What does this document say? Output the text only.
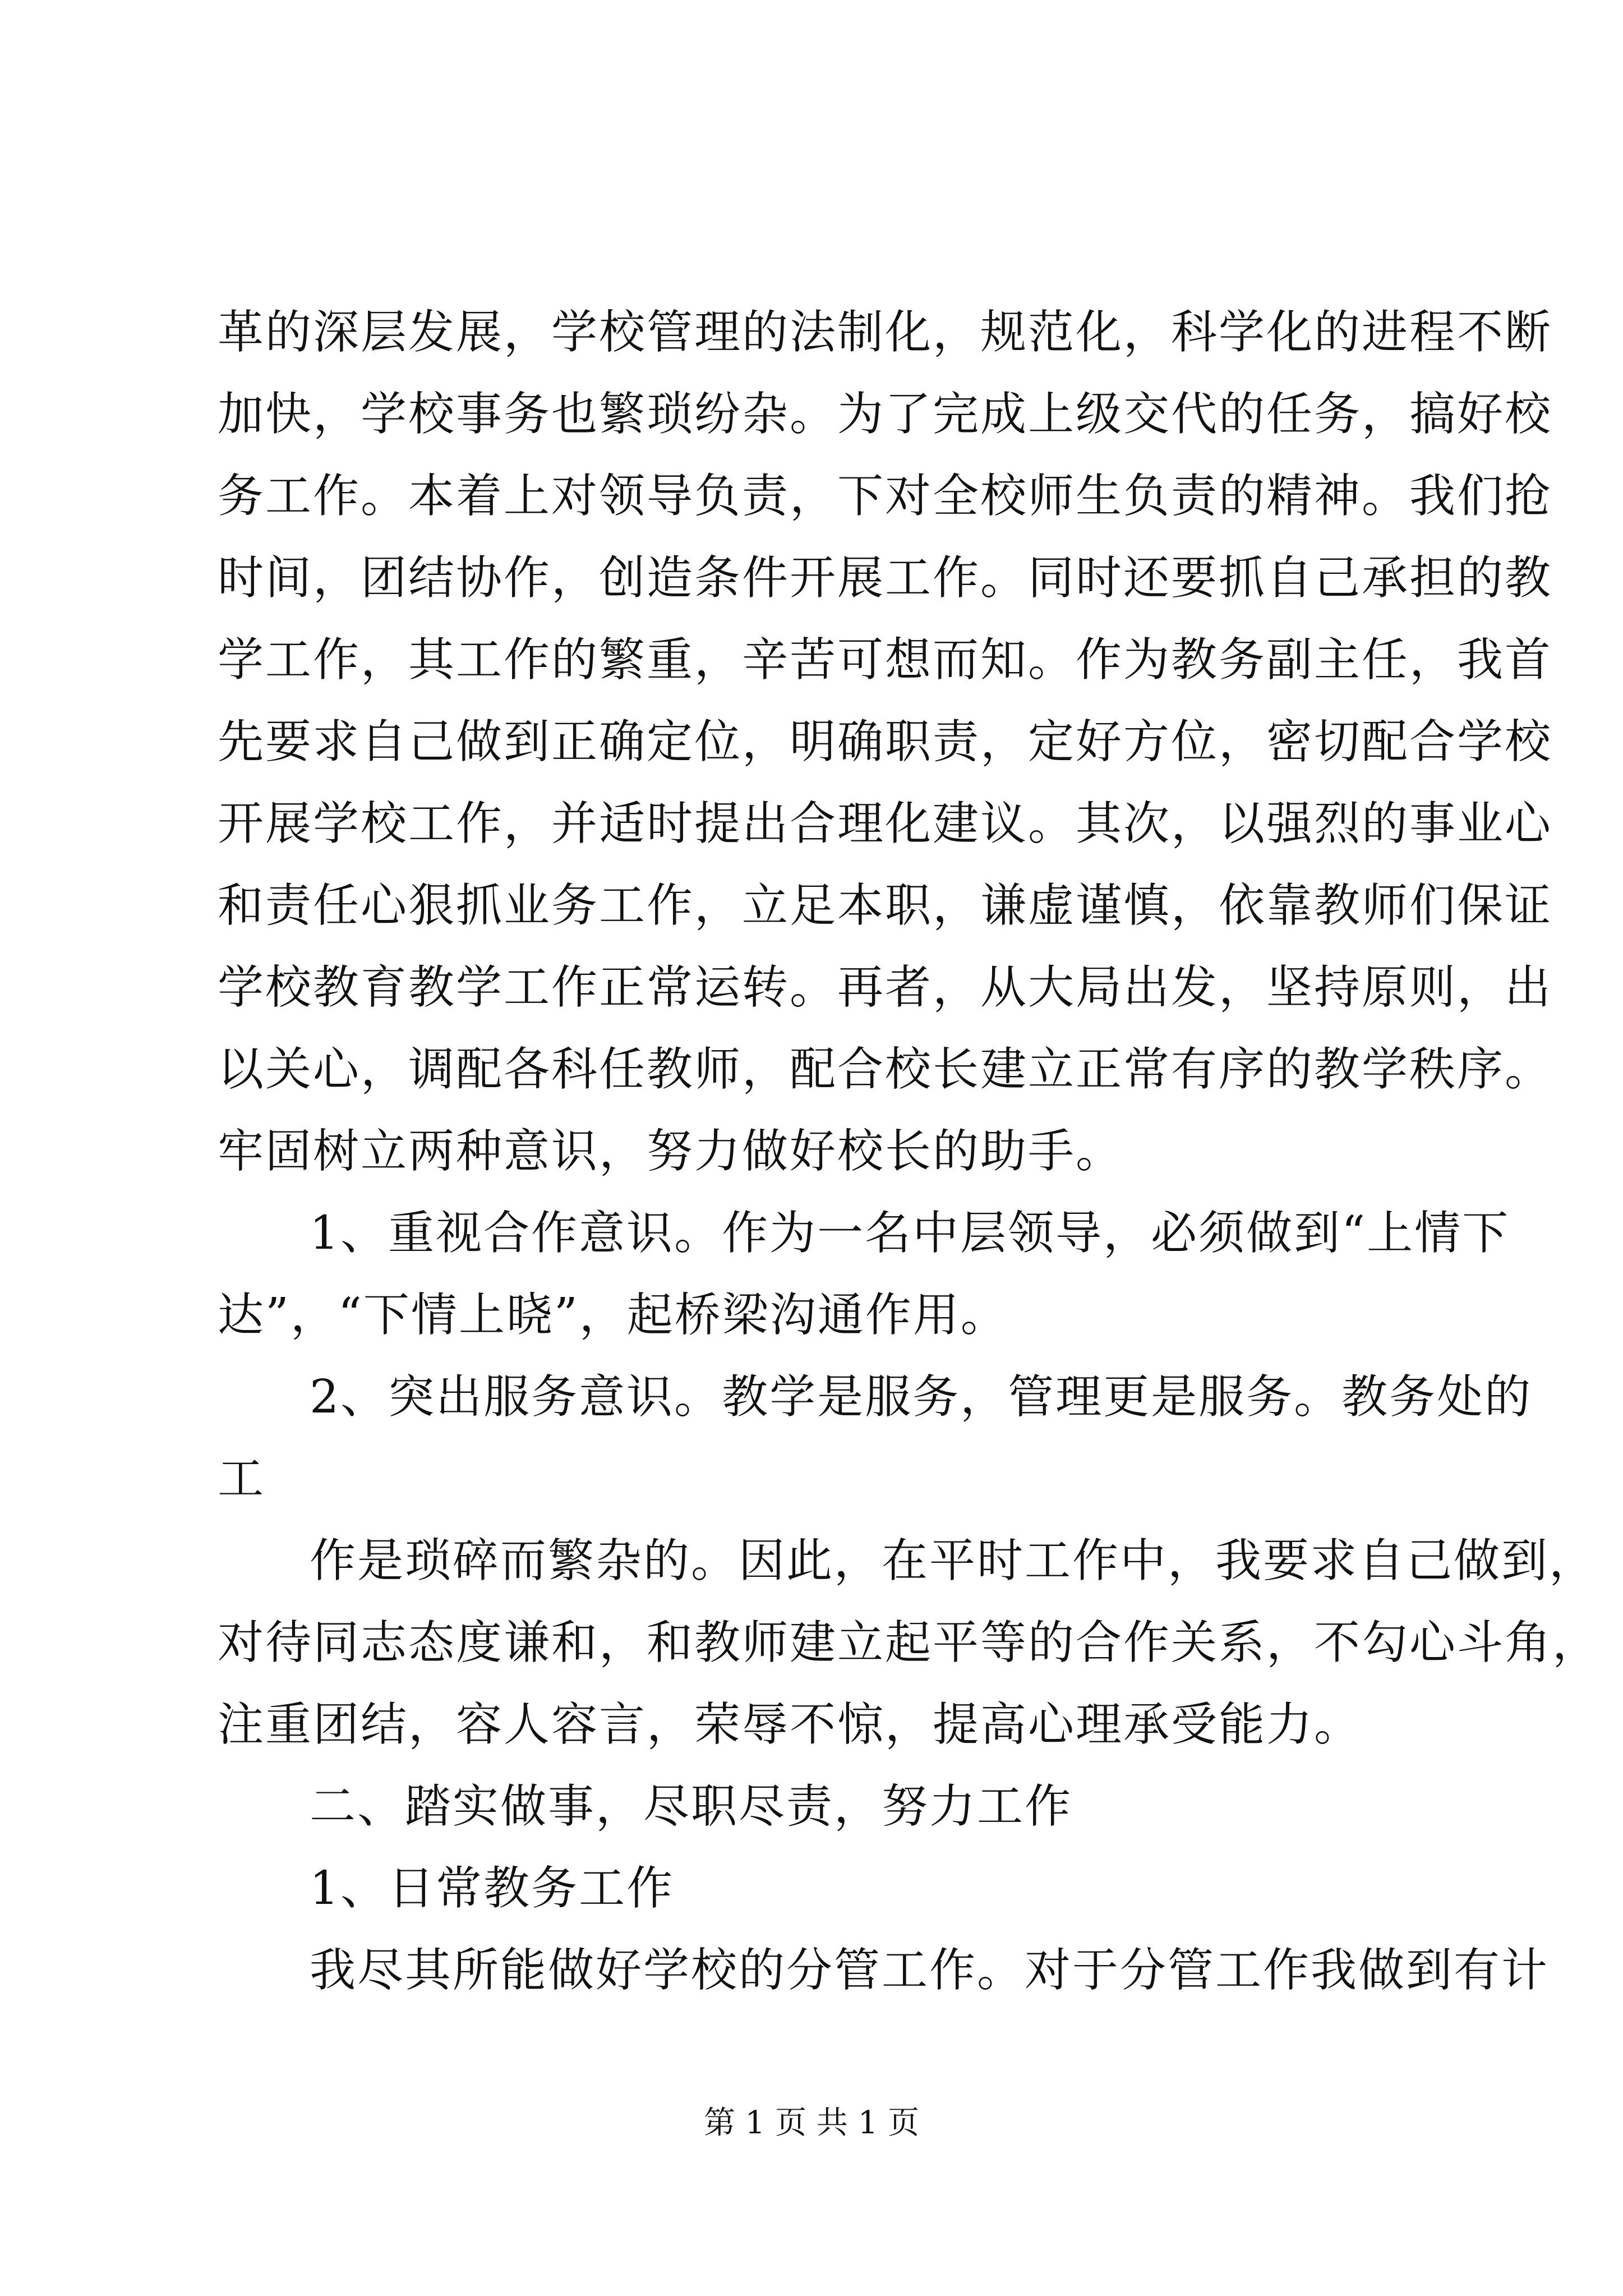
革的深层发展，学校管理的法制化，规范化，科学化的进程不断
加快，学校事务也繁琐纷杂。为了完成上级交代的任务，搞好校
务工作。本着上对领导负责，下对全校师生负责的精神。我们抢
时间，团结协作，创造条件开展工作。同时还要抓自己承担的教
学工作，其工作的繁重，辛苦可想而知。作为教务副主任，我首
先要求自己做到正确定位，明确职责，定好方位，密切配合学校
开展学校工作，并适时提出合理化建议。其次，以强烈的事业心
和责任心狠抓业务工作，立足本职，谦虚谨慎，依靠教师们保证
学校教育教学工作正常运转。再者，从大局出发，坚持原则，出
以关心，调配各科任教师，配合校长建立正常有序的教学秩序。
牢固树立两种意识，努力做好校长的助手。
1、重视合作意识。作为一名中层领导，必须做到“上情下
达”，“下情上晓”，起桥梁沟通作用。
2、突出服务意识。教学是服务，管理更是服务。教务处的
工
作是琐碎而繁杂的。因此，在平时工作中，我要求自己做到，
对待同志态度谦和，和教师建立起平等的合作关系，不勾心斗角，
注重团结，容人容言，荣辱不惊，提高心理承受能力。
二、踏实做事，尽职尽责，努力工作
1、日常教务工作
我尽其所能做好学校的分管工作。对于分管工作我做到有计
第 1 页 共 1 页
